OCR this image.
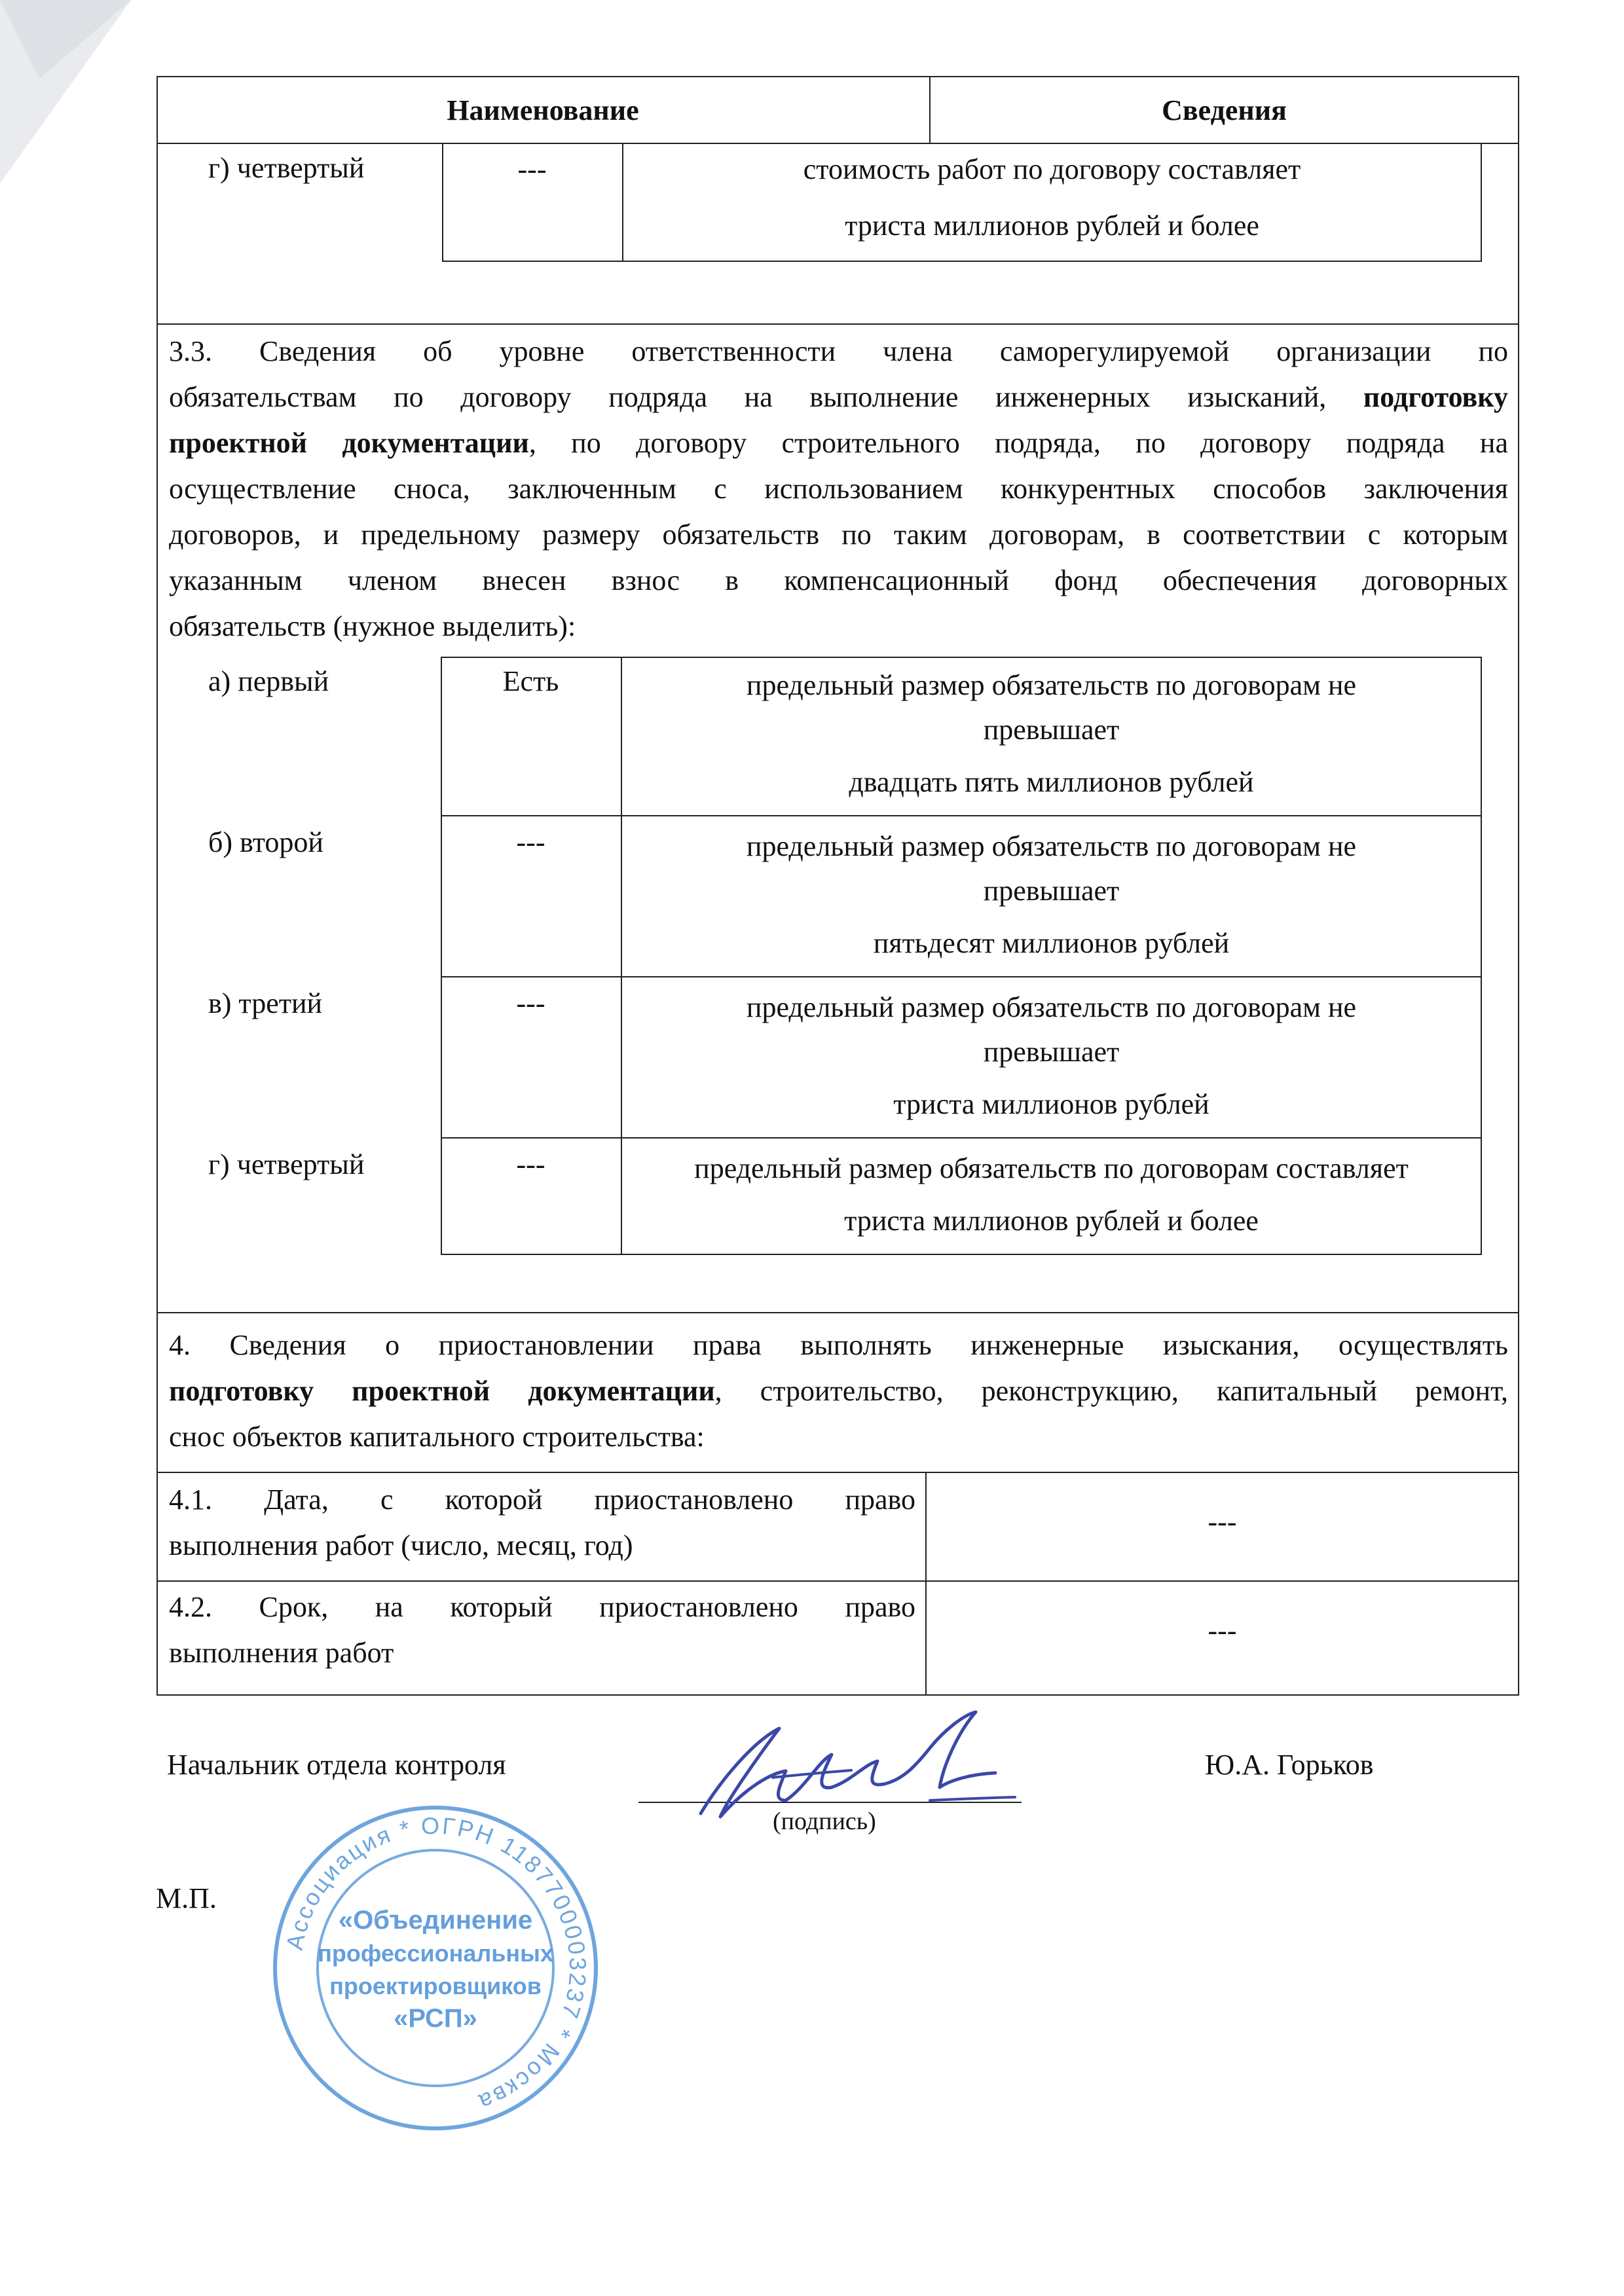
Наименование	Сведения
г) четвертый	---	стоимость работ по договору составляет
триста миллионов рублей и более
3.3. Сведения об уровне ответственности члена саморегулируемой организации по
обязательствам по договору подряда на выполнение инженерных изысканий, подготовку
проектной документации, по договору строительного подряда, по договору подряда на
осуществление сноса, заключенным с использованием конкурентных способов заключения
договоров, и предельному размеру обязательств по таким договорам, в соответствии с которым
указанным членом внесен взнос в компенсационный фонд обеспечения договорных
обязательств (нужное выделить):
а) первый	Есть	предельный размер обязательств по договорам не
превышает
двадцать пять миллионов рублей
б) второй	---	предельный размер обязательств по договорам не
превышает
пятьдесят миллионов рублей
в) третий	---	предельный размер обязательств по договорам не
превышает
триста миллионов рублей
г) четвертый	---	предельный размер обязательств по договорам составляет
триста миллионов рублей и более
4. Сведения о приостановлении права выполнять инженерные изыскания, осуществлять
подготовку проектной документации, строительство, реконструкцию, капитальный ремонт,
снос объектов капитального строительства:
4.1. Дата, с которой приостановлено право
выполнения работ (число, месяц, год)
---
4.2. Срок, на который приостановлено право
выполнения работ
---
Начальник отдела контроля
(подпись)
Ю.А. Горьков
М.П.
Ассоциация * ОГРН 1187700003237 * Москва
«Объединение
профессиональных
проектировщиков
«РСП»
